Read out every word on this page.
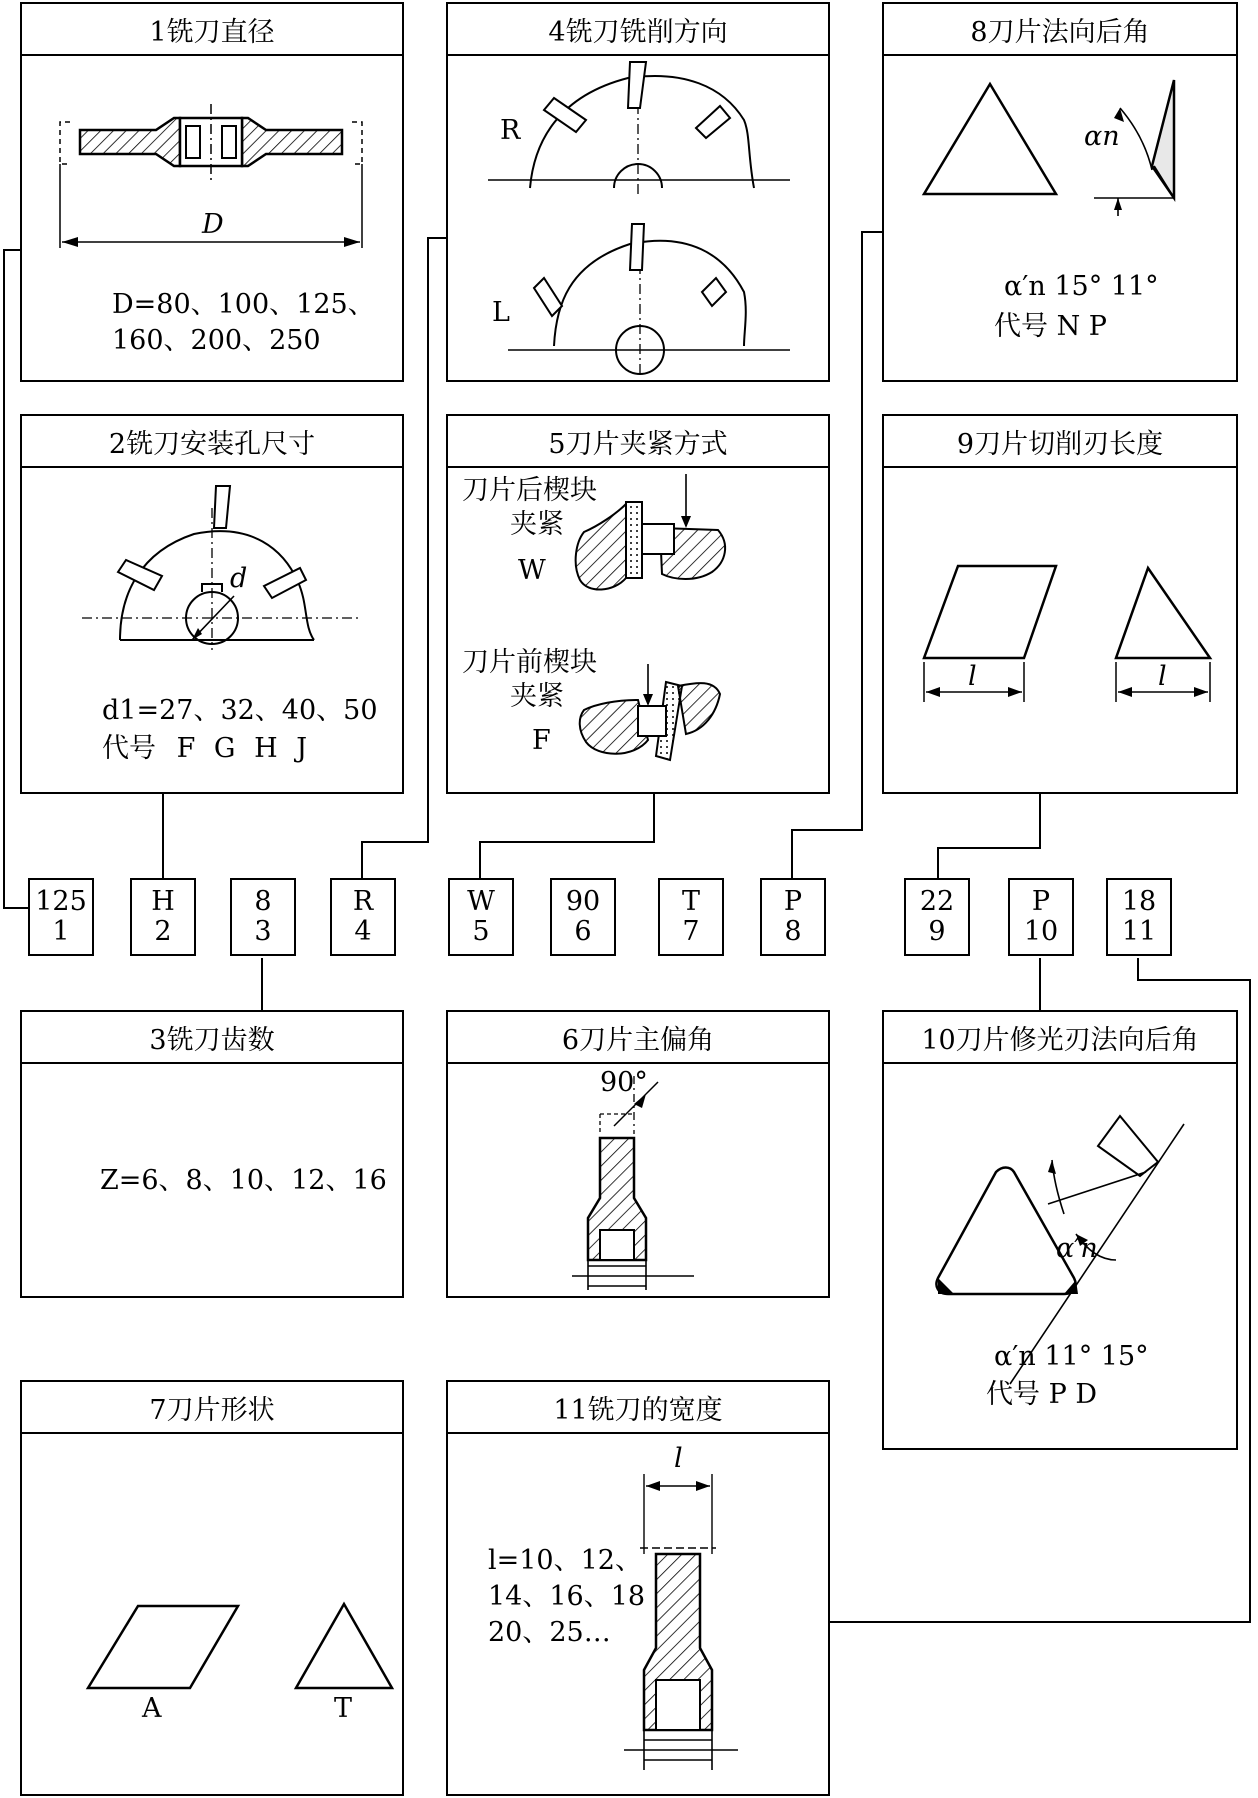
1铣刀直径
D
D=80、100、125、
160、200、250
4铣刀铣削方向
R
L
8刀片法向后角
αn
α′n 15° 11°
代号 N P
2铣刀安装孔尺寸
d
d1=27、32、40、50
代号 F G H J
5刀片夹紧方式
刀片后楔块
夹紧
W
刀片前楔块
夹紧
F
9刀片切削刃长度
l	l
125
1
H
2
8
3
R
4
W
5
90
6
T
7
P
8
22
9
P
10
18
11
3铣刀齿数
Z=6、8、10、12、16
6刀片主偏角
90°
10刀片修光刃法向后角
α′n
α′n 11° 15°
代号 P D
7刀片形状
A	T
11铣刀的宽度
l
l=10、12、
14、16、18
20、25…
